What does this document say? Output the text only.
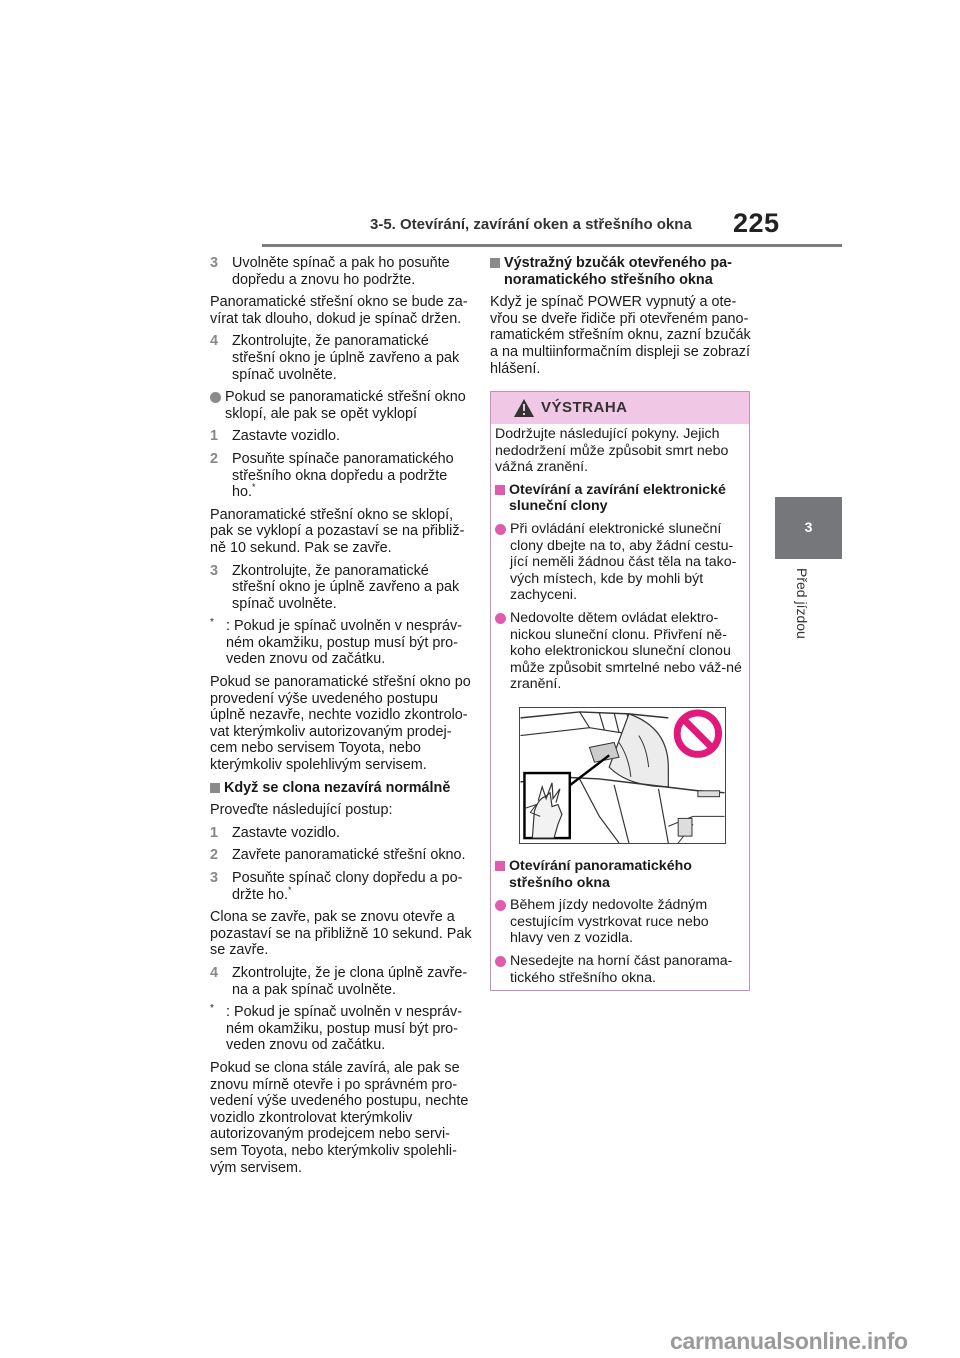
3-5. Otevírání, zavírání oken a střešního okna 225
3
Před jízdou
3 Uvolněte spínač a pak ho posuňte dopředu a znovu ho podržte.
Panoramatické střešní okno se bude za-vírat tak dlouho, dokud je spínač držen.
4 Zkontrolujte, že panoramatické střešní okno je úplně zavřeno a pak spínač uvolněte.
Pokud se panoramatické střešní okno sklopí, ale pak se opět vyklopí
1 Zastavte vozidlo.
2 Posuňte spínače panoramatického střešního okna dopředu a podržte ho.*
Panoramatické střešní okno se sklopí, pak se vyklopí a pozastaví se na přibliž-ně 10 sekund. Pak se zavře.
3 Zkontrolujte, že panoramatické střešní okno je úplně zavřeno a pak spínač uvolněte.
* : Pokud je spínač uvolněn v nespráv-ném okamžiku, postup musí být pro-veden znovu od začátku.
Pokud se panoramatické střešní okno po provedení výše uvedeného postupu úplně nezavře, nechte vozidlo zkontrolo-vat kterýmkoliv autorizovaným prodej-cem nebo servisem Toyota, nebo kterýmkoliv spolehlivým servisem.
Když se clona nezavírá normálně
Proveďte následující postup:
1 Zastavte vozidlo.
2 Zavřete panoramatické střešní okno.
3 Posuňte spínač clony dopředu a po-držte ho.*
Clona se zavře, pak se znovu otevře a pozastaví se na přibližně 10 sekund. Pak se zavře.
4 Zkontrolujte, že je clona úplně zavře-na a pak spínač uvolněte.
* : Pokud je spínač uvolněn v nespráv-ném okamžiku, postup musí být pro-veden znovu od začátku.
Pokud se clona stále zavírá, ale pak se znovu mírně otevře i po správném pro-vedení výše uvedeného postupu, nechte vozidlo zkontrolovat kterýmkoliv autorizovaným prodejcem nebo servi-sem Toyota, nebo kterýmkoliv spolehli-vým servisem.
Výstražný bzučák otevřeného pa-noramatického střešního okna
Když je spínač POWER vypnutý a ote-vřou se dveře řidiče při otevřeném pano-ramatickém střešním oknu, zazní bzučák a na multiinformačním displeji se zobrazí hlášení.
VÝSTRAHA
Dodržujte následující pokyny. Jejich nedodržení může způsobit smrt nebo vážná zranění.
Otevírání a zavírání elektronické sluneční clony
Při ovládání elektronické sluneční clony dbejte na to, aby žádní cestu-jící neměli žádnou část těla na tako-vých místech, kde by mohli být zachyceni.
Nedovolte dětem ovládat elektro-nickou sluneční clonu. Přivření ně-koho elektronickou sluneční clonou může způsobit smrtelné nebo váž-né zranění.
Otevírání panoramatického střešního okna
Během jízdy nedovolte žádným cestujícím vystrkovat ruce nebo hlavy ven z vozidla.
Nesedejte na horní část panorama-tického střešního okna.
carmanualsonline.info
